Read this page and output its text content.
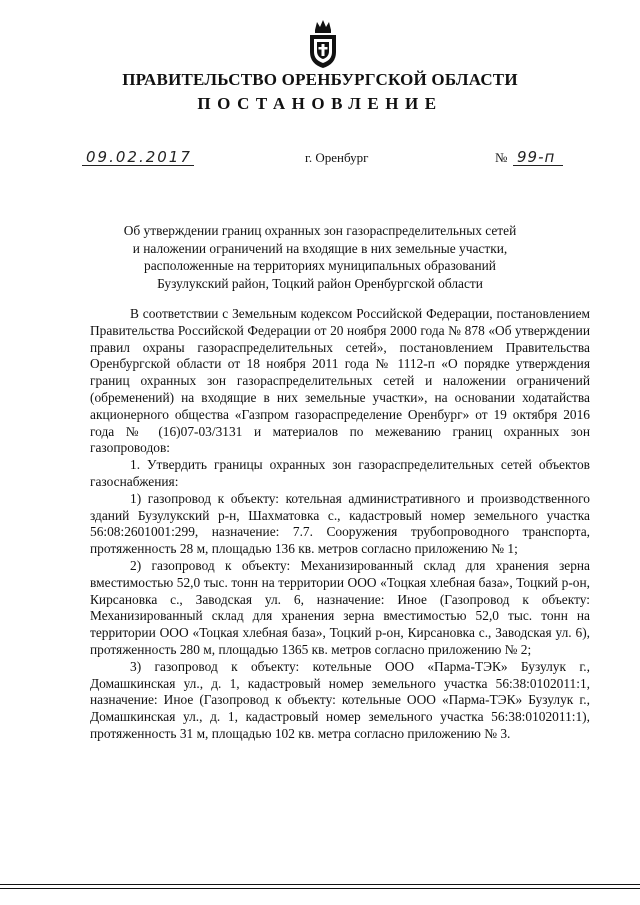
ПРАВИТЕЛЬСТВО ОРЕНБУРГСКОЙ ОБЛАСТИ
ПОСТАНОВЛЕНИЕ
09.02.2017	г. Оренбург	№ 99-п
Об утверждении границ охранных зон газораспределительных сетей
и наложении ограничений на входящие в них земельные участки,
расположенные на территориях муниципальных образований
Бузулукский район, Тоцкий район Оренбургской области

В соответствии с Земельным кодексом Российской Федерации, постановлением Правительства Российской Федерации от 20 ноября 2000 года № 878 «Об утверждении правил охраны газораспределительных сетей», постановлением Правительства Оренбургской области от 18 ноября 2011 года № 1112-п «О порядке утверждения границ охранных зон газораспределительных сетей и наложении ограничений (обременений) на входящие в них земельные участки», на основании ходатайства акционерного общества «Газпром газораспределение Оренбург» от 19 октября 2016 года № (16)07-03/3131 и материалов по межеванию границ охранных зон газопроводов:

1. Утвердить границы охранных зон газораспределительных сетей объектов газоснабжения:

1) газопровод к объекту: котельная административного и производственного зданий Бузулукский р-н, Шахматовка с., кадастровый номер земельного участка 56:08:2601001:299, назначение: 7.7. Сооружения трубопроводного транспорта, протяженность 28 м, площадью 136 кв. метров согласно приложению № 1;

2) газопровод к объекту: Механизированный склад для хранения зерна вместимостью 52,0 тыс. тонн на территории ООО «Тоцкая хлебная база», Тоцкий р-он, Кирсановка с., Заводская ул. 6, назначение: Иное (Газопровод к объекту: Механизированный склад для хранения зерна вместимостью 52,0 тыс. тонн на территории ООО «Тоцкая хлебная база», Тоцкий р-он, Кирсановка с., Заводская ул. 6), протяженность 280 м, площадью 1365 кв. метров согласно приложению № 2;

3) газопровод к объекту: котельные ООО «Парма-ТЭК» Бузулук г., Домашкинская ул., д. 1, кадастровый номер земельного участка 56:38:0102011:1, назначение: Иное (Газопровод к объекту: котельные ООО «Парма-ТЭК» Бузулук г., Домашкинская ул., д. 1, кадастровый номер земельного участка 56:38:0102011:1), протяженность 31 м, площадью 102 кв. метра согласно приложению № 3.
